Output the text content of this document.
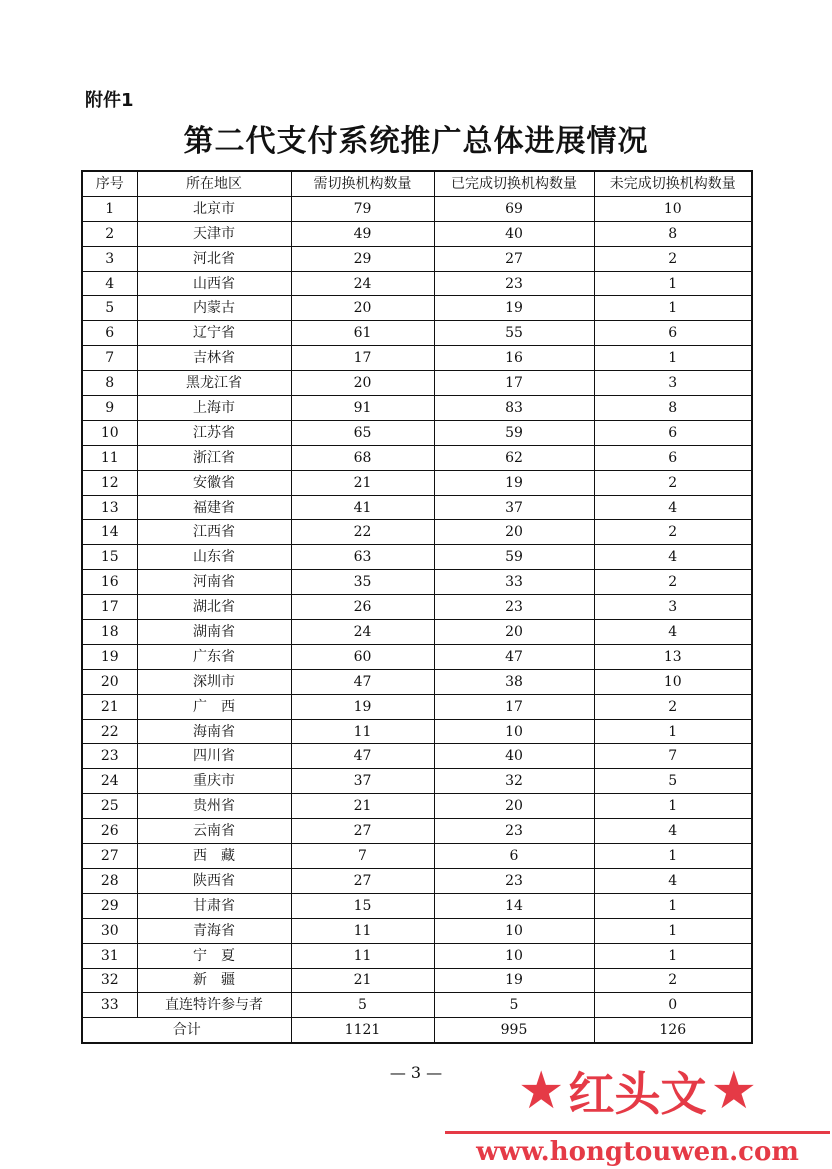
附件1
第二代支付系统推广总体进展情况
序号	所在地区	需切换机构数量	已完成切换机构数量	未完成切换机构数量
1	北京市	79	69	10
2	天津市	49	40	8
3	河北省	29	27	2
4	山西省	24	23	1
5	内蒙古	20	19	1
6	辽宁省	61	55	6
7	吉林省	17	16	1
8	黑龙江省	20	17	3
9	上海市	91	83	8
10	江苏省	65	59	6
11	浙江省	68	62	6
12	安徽省	21	19	2
13	福建省	41	37	4
14	江西省	22	20	2
15	山东省	63	59	4
16	河南省	35	33	2
17	湖北省	26	23	3
18	湖南省	24	20	4
19	广东省	60	47	13
20	深圳市	47	38	10
21	广　西	19	17	2
22	海南省	11	10	1
23	四川省	47	40	7
24	重庆市	37	32	5
25	贵州省	21	20	1
26	云南省	27	23	4
27	西　藏	7	6	1
28	陕西省	27	23	4
29	甘肃省	15	14	1
30	青海省	11	10	1
31	宁　夏	11	10	1
32	新　疆	21	19	2
33	直连特许参与者	5	5	0
合计		1121	995	126
— 3 —	★ 红头文 ★
www.hongtouwen.com
